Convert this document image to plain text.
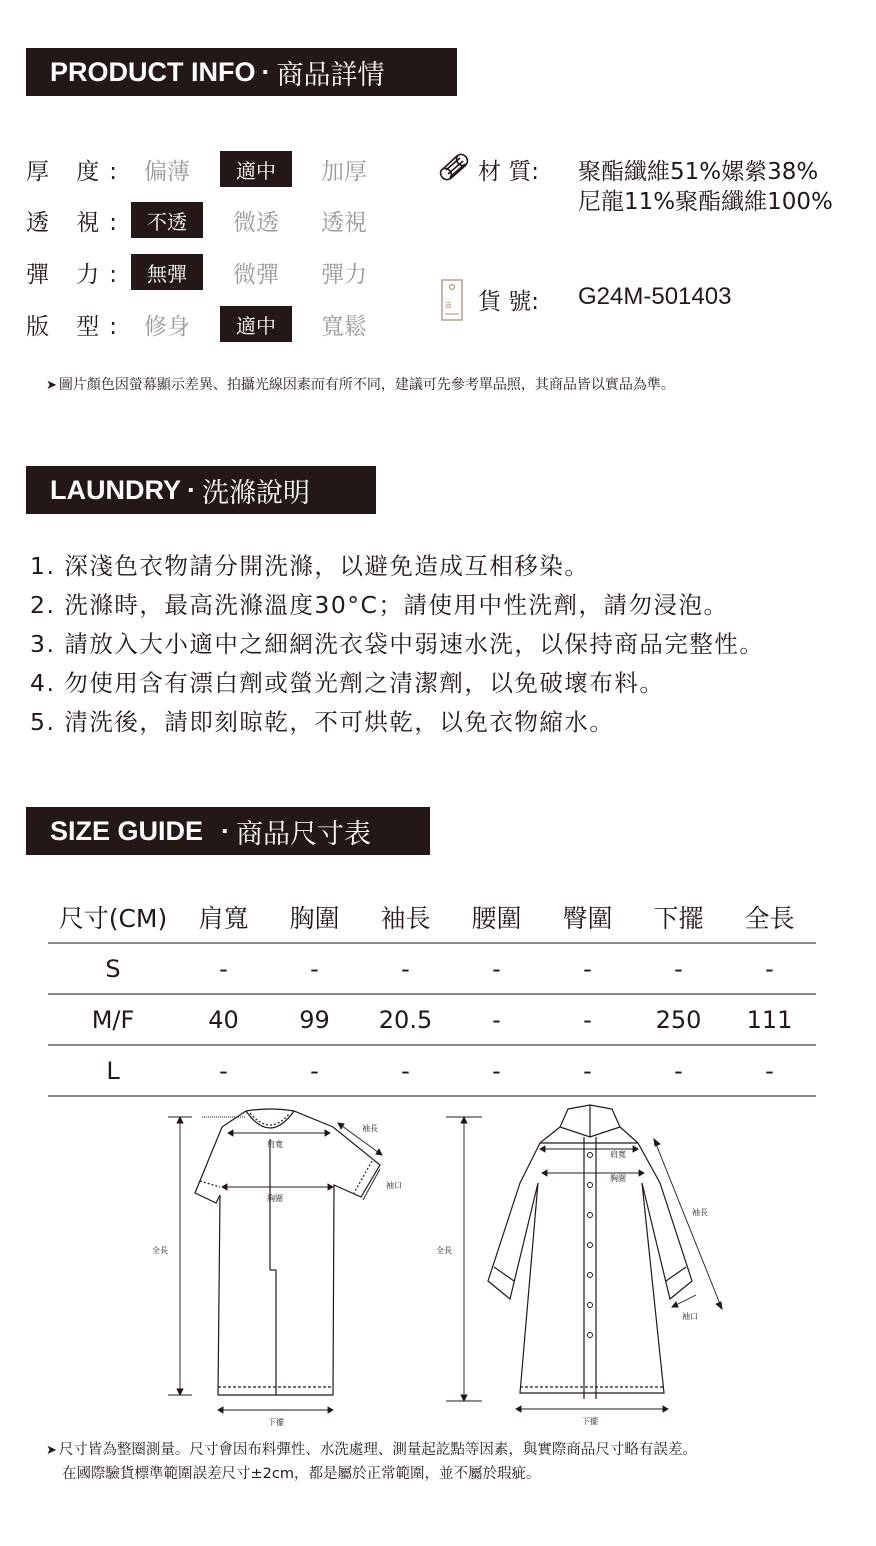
PRODUCT INFO · 商品詳情
厚 度: 偏薄	適中	加厚
透 視: 不透	微透	透視
彈 力: 無彈	微彈	彈力
版 型: 修身	適中	寬鬆
材 質: 聚酯纖維51%嫘縈38%
尼龍11%聚酯纖維100%
a 貨 號: G24M-501403
➤ 圖片顏色因螢幕顯示差異、拍攝光線因素而有所不同，建議可先參考單品照，其商品皆以實品為準。
LAUNDRY · 洗滌說明
1. 深淺色衣物請分開洗滌，以避免造成互相移染。
2. 洗滌時，最高洗滌溫度30°C；請使用中性洗劑，請勿浸泡。
3. 請放入大小適中之細網洗衣袋中弱速水洗，以保持商品完整性。
4. 勿使用含有漂白劑或螢光劑之清潔劑，以免破壞布料。
5. 清洗後，請即刻晾乾，不可烘乾，以免衣物縮水。
SIZE GUIDE · 商品尺寸表
尺寸(CM)	肩寬	胸圍	袖長	腰圍	臀圍	下擺	全長
S	-	-	-	-	-	-	-
M/F	40	99	20.5	-	-	250	111
L	-	-	-	-	-	-	-
袖長
肩寬
袖口
胸圍
全長
下擺
肩寬
胸圍
袖長
袖口
全長
下擺
➤ 尺寸皆為整圈測量。尺寸會因布料彈性、水洗處理、測量起訖點等因素，與實際商品尺寸略有誤差。
在國際驗貨標準範圍誤差尺寸±2cm，都是屬於正常範圍，並不屬於瑕疵。
